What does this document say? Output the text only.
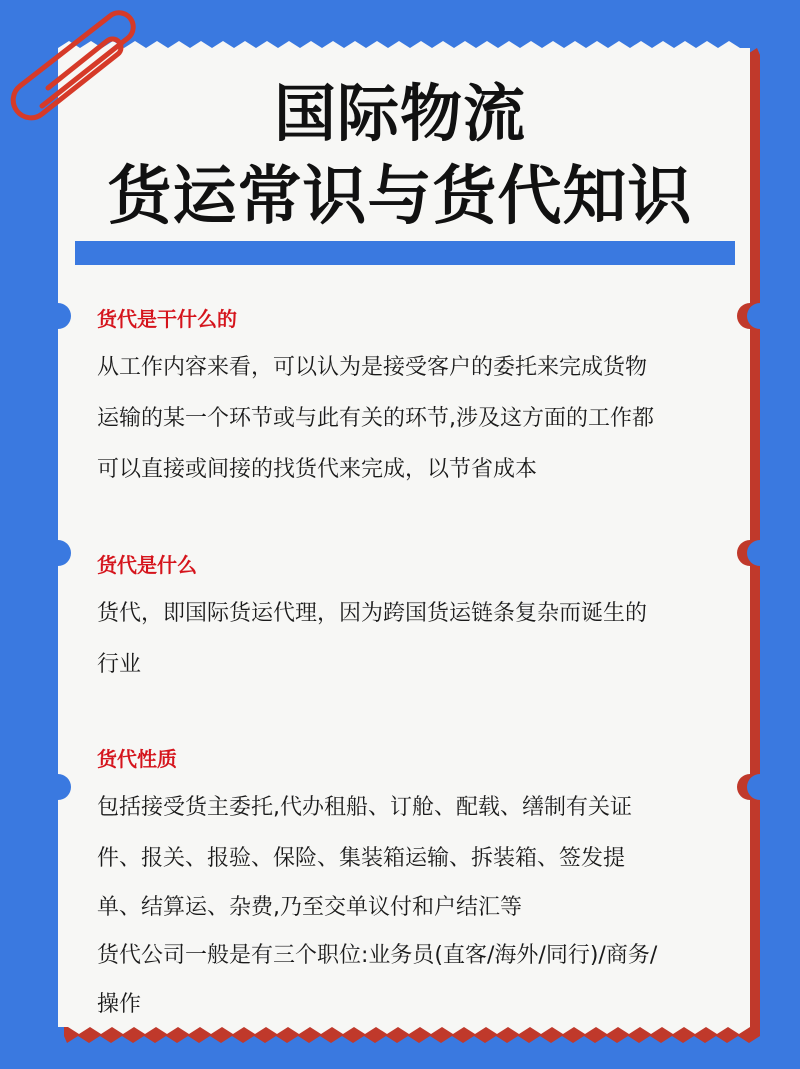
国际物流
货运常识与货代知识
货代是干什么的
从工作内容来看，可以认为是接受客户的委托来完成货物
运输的某一个环节或与此有关的环节,涉及这方面的工作都
可以直接或间接的找货代来完成，以节省成本
货代是什么
货代，即国际货运代理，因为跨国货运链条复杂而诞生的
行业
货代性质
包括接受货主委托,代办租船、订舱、配载、缮制有关证
件、报关、报验、保险、集装箱运输、拆装箱、签发提
单、结算运、杂费,乃至交单议付和户结汇等
货代公司一般是有三个职位:业务员(直客/海外/同行)/商务/
操作
